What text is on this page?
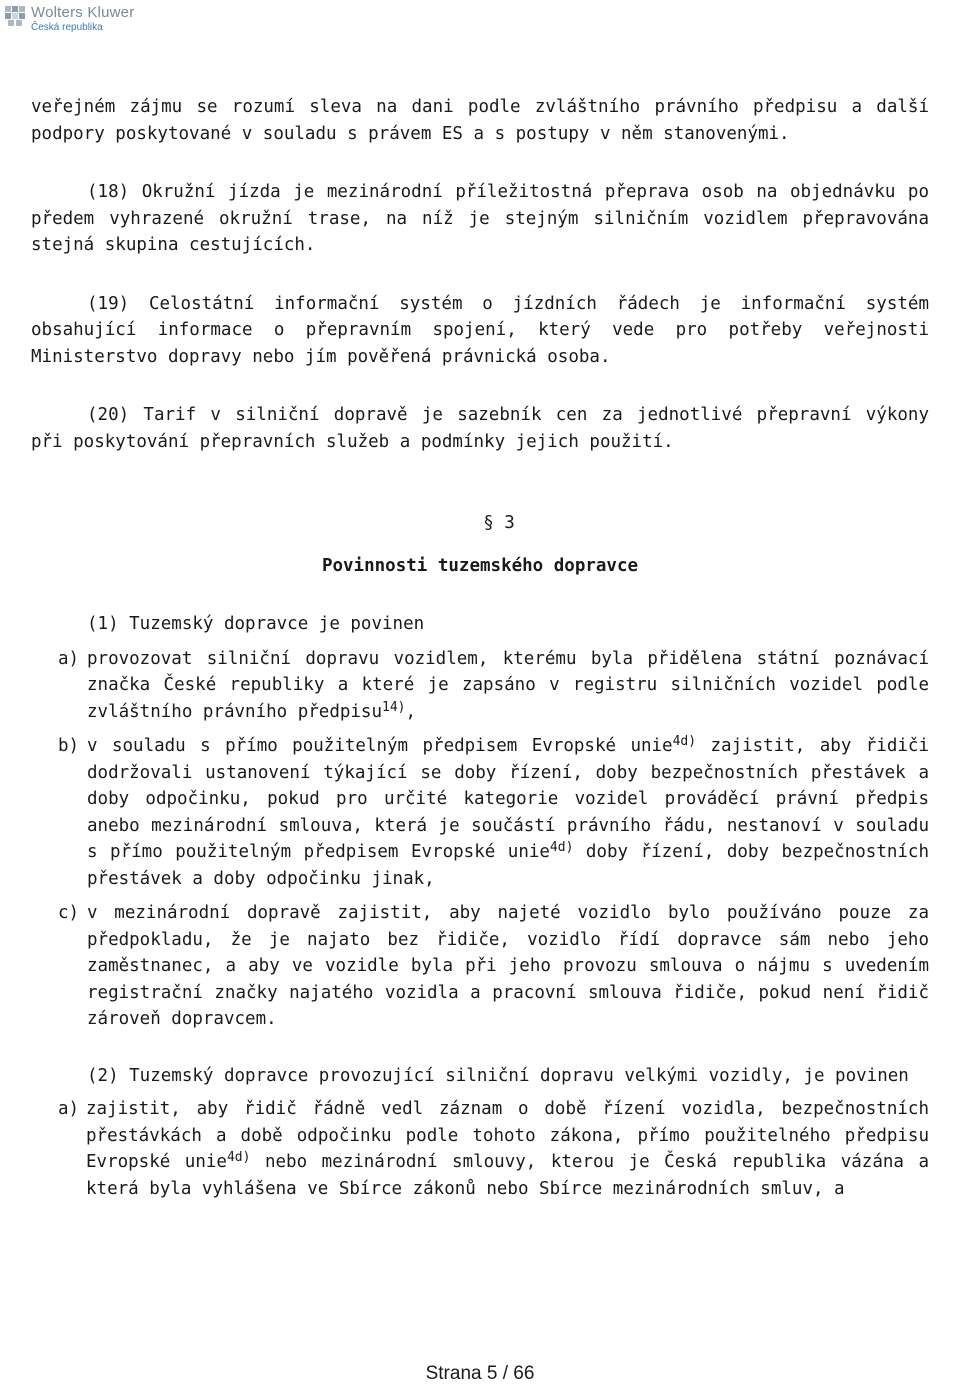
Wolters Kluwer
Česká republika

veřejném zájmu se rozumí sleva na dani podle zvláštního právního předpisu a další podpory poskytované v souladu s právem ES a s postupy v něm stanovenými.

(18) Okružní jízda je mezinárodní příležitostná přeprava osob na objednávku po předem vyhrazené okružní trase, na níž je stejným silničním vozidlem přepravována stejná skupina cestujících.

(19) Celostátní informační systém o jízdních řádech je informační systém obsahující informace o přepravním spojení, který vede pro potřeby veřejnosti Ministerstvo dopravy nebo jím pověřená právnická osoba.

(20) Tarif v silniční dopravě je sazebník cen za jednotlivé přepravní výkony při poskytování přepravních služeb a podmínky jejich použití.

§ 3

Povinnosti tuzemského dopravce

(1) Tuzemský dopravce je povinen

a) provozovat silniční dopravu vozidlem, kterému byla přidělena státní poznávací značka České republiky a které je zapsáno v registru silničních vozidel podle zvláštního právního předpisu$^{14)}$,
b) v souladu s přímo použitelným předpisem Evropské unie$^{4d)}$ zajistit, aby řidiči dodržovali ustanovení týkající se doby řízení, doby bezpečnostních přestávek a doby odpočinku, pokud pro určité kategorie vozidel prováděcí právní předpis anebo mezinárodní smlouva, která je součástí právního řádu, nestanoví v souladu s přímo použitelným předpisem Evropské unie$^{4d)}$ doby řízení, doby bezpečnostních přestávek a doby odpočinku jinak,
c) v mezinárodní dopravě zajistit, aby najeté vozidlo bylo používáno pouze za předpokladu, že je najato bez řidiče, vozidlo řídí dopravce sám nebo jeho zaměstnanec, a aby ve vozidle byla při jeho provozu smlouva o nájmu s uvedením registrační značky najatého vozidla a pracovní smlouva řidiče, pokud není řidič zároveň dopravcem.

(2) Tuzemský dopravce provozující silniční dopravu velkými vozidly, je povinen

a) zajistit, aby řidič řádně vedl záznam o době řízení vozidla, bezpečnostních přestávkách a době odpočinku podle tohoto zákona, přímo použitelného předpisu Evropské unie$^{4d)}$ nebo mezinárodní smlouvy, kterou je Česká republika vázána a která byla vyhlášena ve Sbírce zákonů nebo Sbírce mezinárodních smluv, a
Strana 5 / 66
